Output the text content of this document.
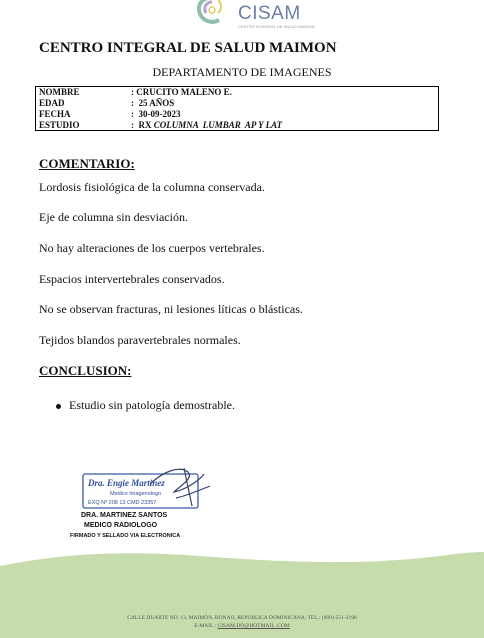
CISAM
CENTRO INTEGRAL DE SALUD MAIMON
CENTRO INTEGRAL DE SALUD MAIMON
DEPARTAMENTO DE IMAGENES
NOMBRE	: CRUCITO MALENO E.
EDAD	:  25 AÑOS
FECHA	:  30-09-2023
ESTUDIO	:  RX COLUMNA  LUMBAR  AP Y LAT
COMENTARIO:
Lordosis fisiológica de la columna conservada.
Eje de columna sin desviación.
No hay alteraciones de los cuerpos vertebrales.
Espacios intervertebrales conservados.
No se observan fracturas, ni lesiones líticas o blásticas.
Tejidos blandos paravertebrales normales.
CONCLUSION:
Estudio sin patología demostrable.
Dra. Engie Martinez
Medico Imagenologo
EXQ Nº 208 13 CMD 23357
DRA. MARTINEZ SANTOS
MEDICO RADIOLOGO
FIRMADO Y SELLADO VIA ELECTRONICA
CALLE DUARTE NO. 13, MAIMÓN, BONAO, REPUBLICA DOMINICANA, TEL.: (809)-551-2196
E-MAIL : CISAM.DO@HOTMAIL .COM
